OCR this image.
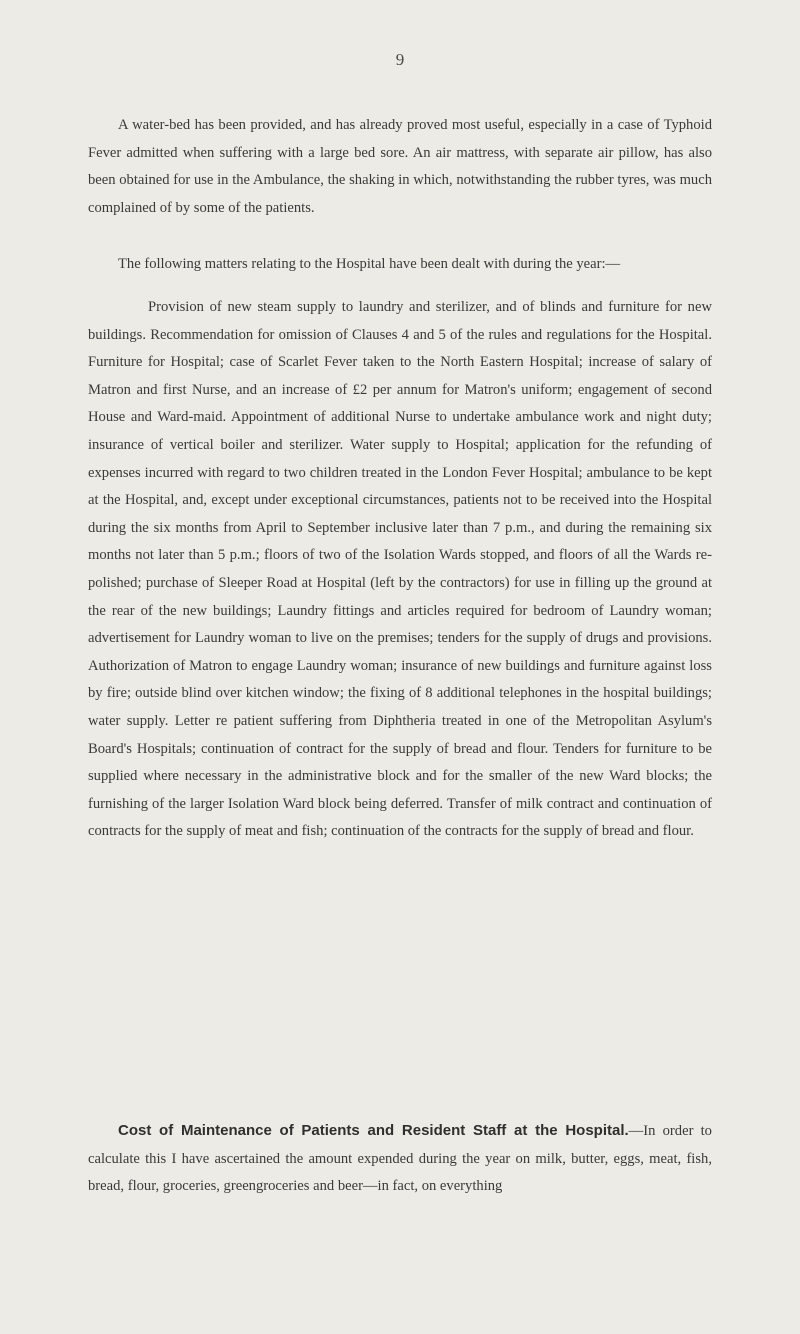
9

A water-bed has been provided, and has already proved most useful, especially in a case of Typhoid Fever admitted when suffering with a large bed sore. An air mattress, with separate air pillow, has also been obtained for use in the Ambulance, the shaking in which, notwithstanding the rubber tyres, was much complained of by some of the patients.

The following matters relating to the Hospital have been dealt with during the year:—

Provision of new steam supply to laundry and sterilizer, and of blinds and furniture for new buildings. Recommendation for omission of Clauses 4 and 5 of the rules and regulations for the Hospital. Furniture for Hospital; case of Scarlet Fever taken to the North Eastern Hospital; increase of salary of Matron and first Nurse, and an increase of £2 per annum for Matron's uniform; engagement of second House and Ward-maid. Appointment of additional Nurse to undertake ambulance work and night duty; insurance of vertical boiler and sterilizer. Water supply to Hospital; application for the refunding of expenses incurred with regard to two children treated in the London Fever Hospital; ambulance to be kept at the Hospital, and, except under exceptional circumstances, patients not to be received into the Hospital during the six months from April to September inclusive later than 7 p.m., and during the remaining six months not later than 5 p.m.; floors of two of the Isolation Wards stopped, and floors of all the Wards re-polished; purchase of Sleeper Road at Hospital (left by the contractors) for use in filling up the ground at the rear of the new buildings; Laundry fittings and articles required for bedroom of Laundry woman; advertisement for Laundry woman to live on the premises; tenders for the supply of drugs and provisions. Authorization of Matron to engage Laundry woman; insurance of new buildings and furniture against loss by fire; outside blind over kitchen window; the fixing of 8 additional telephones in the hospital buildings; water supply. Letter re patient suffering from Diphtheria treated in one of the Metropolitan Asylum's Board's Hospitals; continuation of contract for the supply of bread and flour. Tenders for furniture to be supplied where necessary in the administrative block and for the smaller of the new Ward blocks; the furnishing of the larger Isolation Ward block being deferred. Transfer of milk contract and continuation of contracts for the supply of meat and fish; continuation of the contracts for the supply of bread and flour.

Cost of Maintenance of Patients and Resident Staff at the Hospital.—In order to calculate this I have ascertained the amount expended during the year on milk, butter, eggs, meat, fish, bread, flour, groceries, greengroceries and beer—in fact, on everything
